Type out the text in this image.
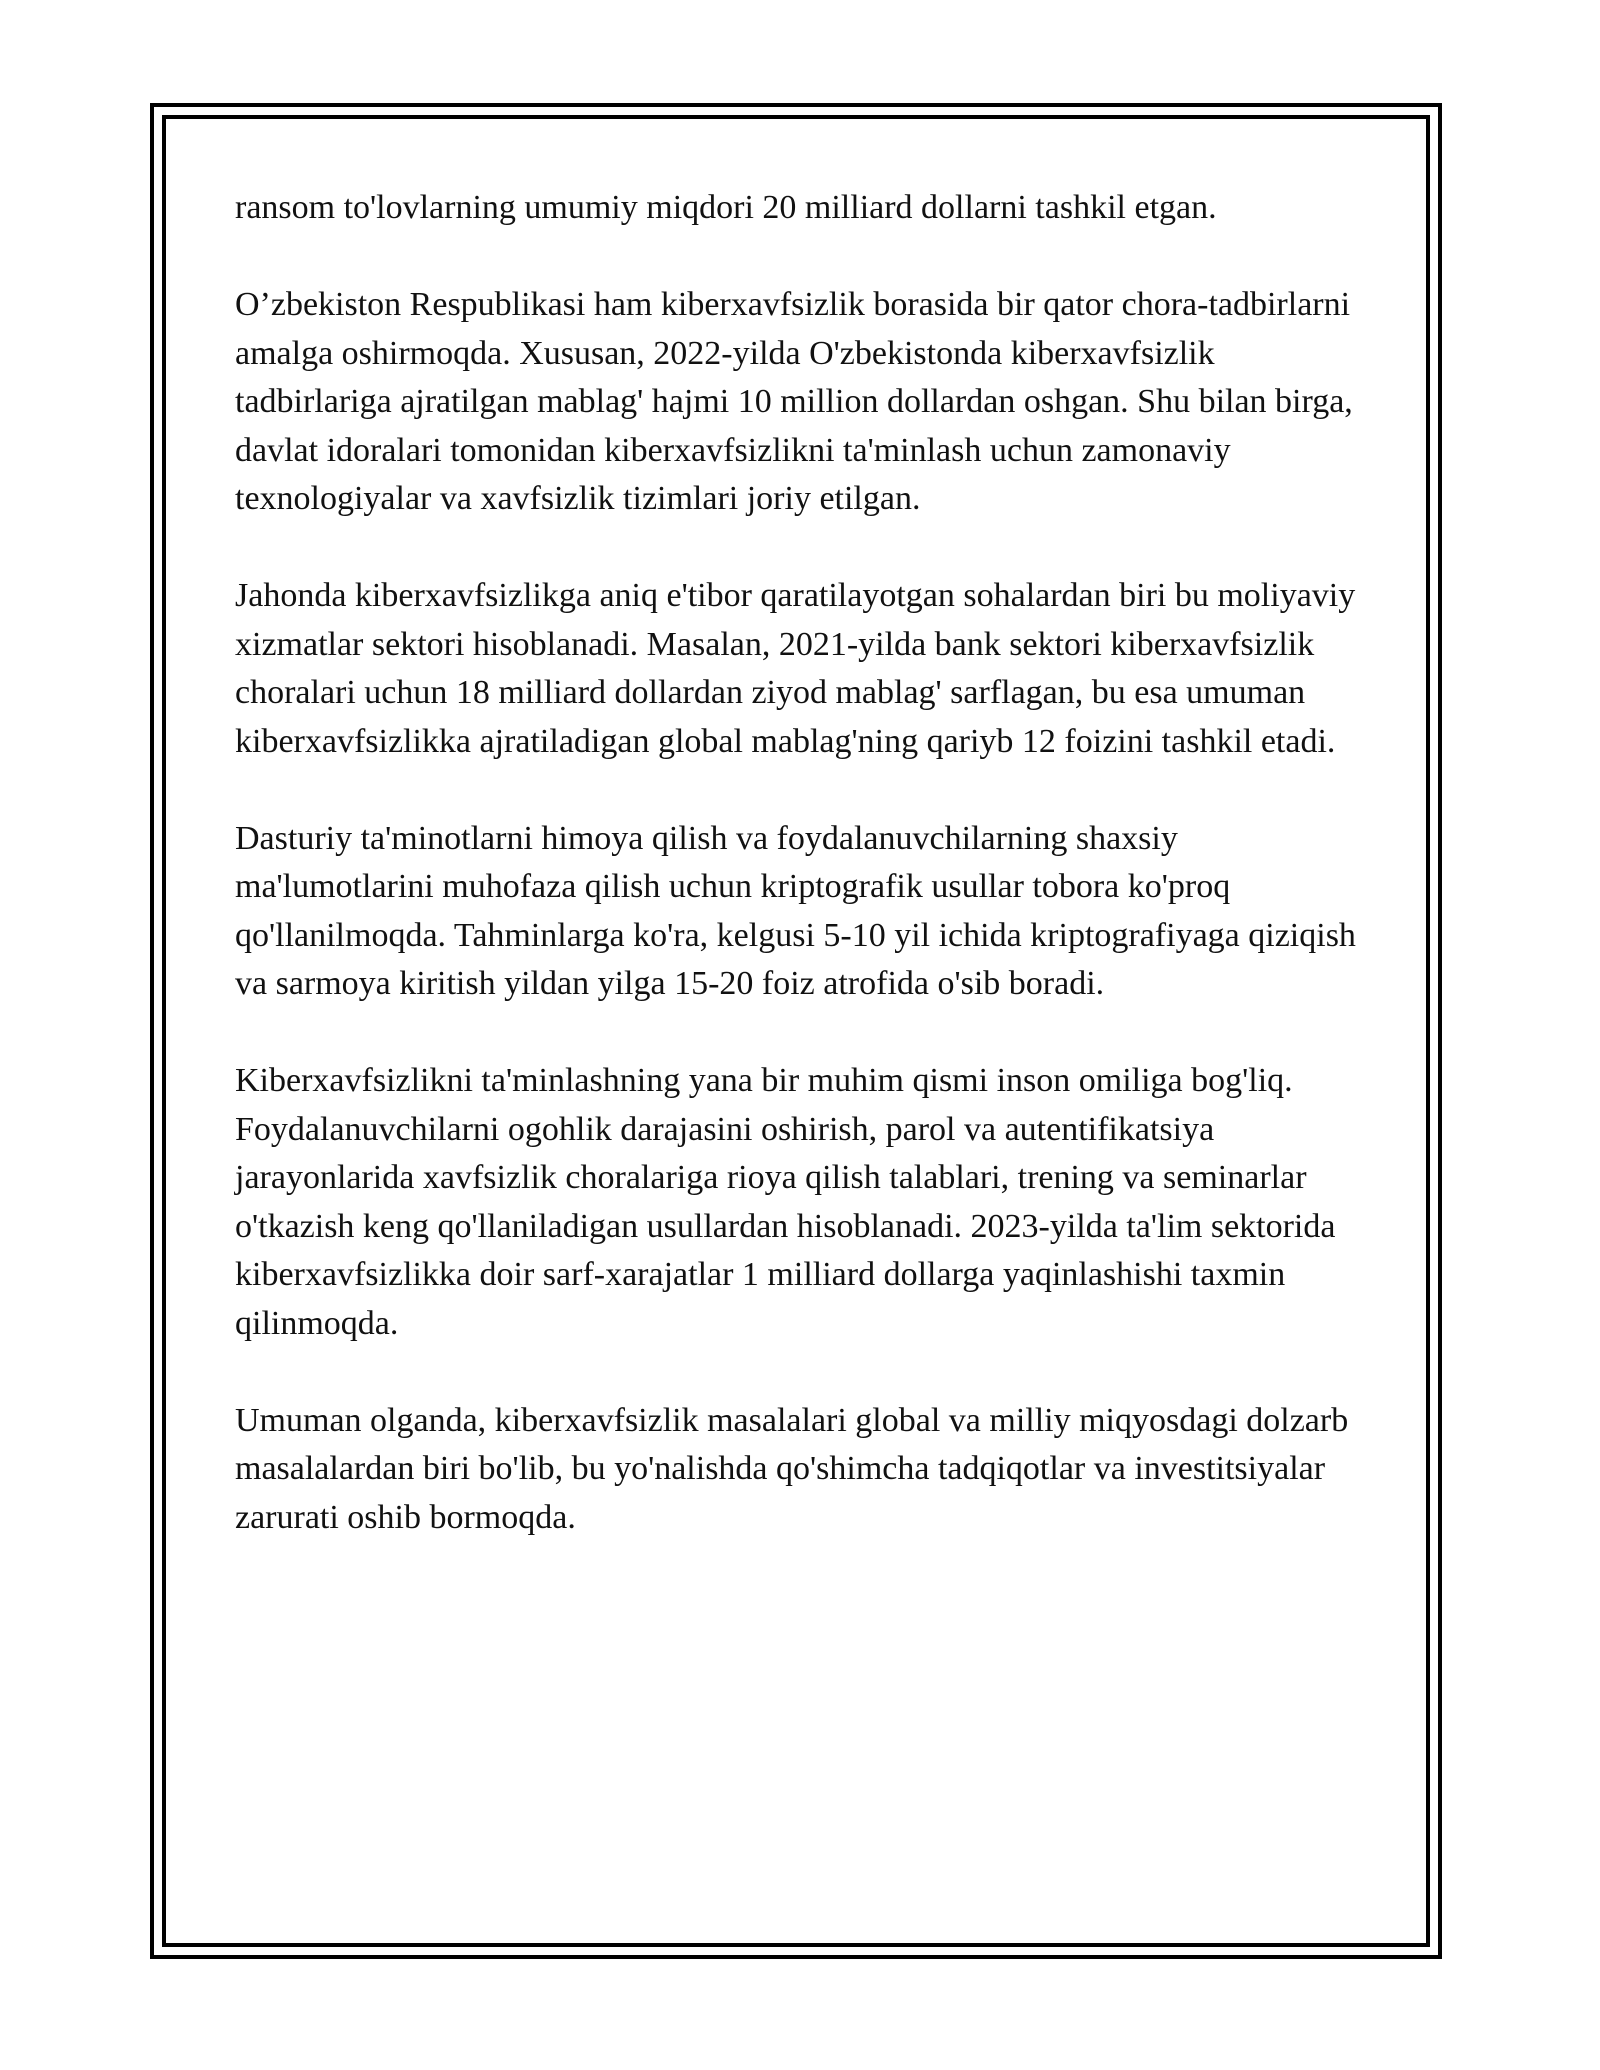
ransom to'lovlarning umumiy miqdori 20 milliard dollarni tashkil etgan.

O’zbekiston Respublikasi ham kiberxavfsizlik borasida bir qator chora-tadbirlarni amalga oshirmoqda. Xususan, 2022-yilda O'zbekistonda kiberxavfsizlik tadbirlariga ajratilgan mablag' hajmi 10 million dollardan oshgan. Shu bilan birga, davlat idoralari tomonidan kiberxavfsizlikni ta'minlash uchun zamonaviy texnologiyalar va xavfsizlik tizimlari joriy etilgan.

Jahonda kiberxavfsizlikga aniq e'tibor qaratilayotgan sohalardan biri bu moliyaviy xizmatlar sektori hisoblanadi. Masalan, 2021-yilda bank sektori kiberxavfsizlik choralari uchun 18 milliard dollardan ziyod mablag' sarflagan, bu esa umuman kiberxavfsizlikka ajratiladigan global mablag'ning qariyb 12 foizini tashkil etadi.

Dasturiy ta'minotlarni himoya qilish va foydalanuvchilarning shaxsiy ma'lumotlarini muhofaza qilish uchun kriptografik usullar tobora ko'proq qo'llanilmoqda. Tahminlarga ko'ra, kelgusi 5-10 yil ichida kriptografiyaga qiziqish va sarmoya kiritish yildan yilga 15-20 foiz atrofida o'sib boradi.

Kiberxavfsizlikni ta'minlashning yana bir muhim qismi inson omiliga bog'liq. Foydalanuvchilarni ogohlik darajasini oshirish, parol va autentifikatsiya jarayonlarida xavfsizlik choralariga rioya qilish talablari, trening va seminarlar o'tkazish keng qo'llaniladigan usullardan hisoblanadi. 2023-yilda ta'lim sektorida kiberxavfsizlikka doir sarf-xarajatlar 1 milliard dollarga yaqinlashishi taxmin qilinmoqda.

Umuman olganda, kiberxavfsizlik masalalari global va milliy miqyosdagi dolzarb masalalardan biri bo'lib, bu yo'nalishda qo'shimcha tadqiqotlar va investitsiyalar zarurati oshib bormoqda.
